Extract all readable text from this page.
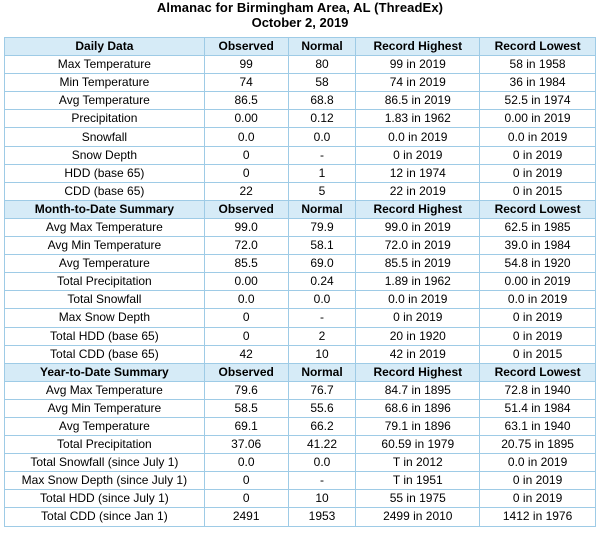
Almanac for Birmingham Area, AL (ThreadEx)
October 2, 2019
Daily Data	Observed	Normal	Record Highest	Record Lowest
Max Temperature	99	80	99 in 2019	58 in 1958
Min Temperature	74	58	74 in 2019	36 in 1984
Avg Temperature	86.5	68.8	86.5 in 2019	52.5 in 1974
Precipitation	0.00	0.12	1.83 in 1962	0.00 in 2019
Snowfall	0.0	0.0	0.0 in 2019	0.0 in 2019
Snow Depth	0	-	0 in 2019	0 in 2019
HDD (base 65)	0	1	12 in 1974	0 in 2019
CDD (base 65)	22	5	22 in 2019	0 in 2015
Month-to-Date Summary	Observed	Normal	Record Highest	Record Lowest
Avg Max Temperature	99.0	79.9	99.0 in 2019	62.5 in 1985
Avg Min Temperature	72.0	58.1	72.0 in 2019	39.0 in 1984
Avg Temperature	85.5	69.0	85.5 in 2019	54.8 in 1920
Total Precipitation	0.00	0.24	1.89 in 1962	0.00 in 2019
Total Snowfall	0.0	0.0	0.0 in 2019	0.0 in 2019
Max Snow Depth	0	-	0 in 2019	0 in 2019
Total HDD (base 65)	0	2	20 in 1920	0 in 2019
Total CDD (base 65)	42	10	42 in 2019	0 in 2015
Year-to-Date Summary	Observed	Normal	Record Highest	Record Lowest
Avg Max Temperature	79.6	76.7	84.7 in 1895	72.8 in 1940
Avg Min Temperature	58.5	55.6	68.6 in 1896	51.4 in 1984
Avg Temperature	69.1	66.2	79.1 in 1896	63.1 in 1940
Total Precipitation	37.06	41.22	60.59 in 1979	20.75 in 1895
Total Snowfall (since July 1)	0.0	0.0	T in 2012	0.0 in 2019
Max Snow Depth (since July 1)	0	-	T in 1951	0 in 2019
Total HDD (since July 1)	0	10	55 in 1975	0 in 2019
Total CDD (since Jan 1)	2491	1953	2499 in 2010	1412 in 1976
